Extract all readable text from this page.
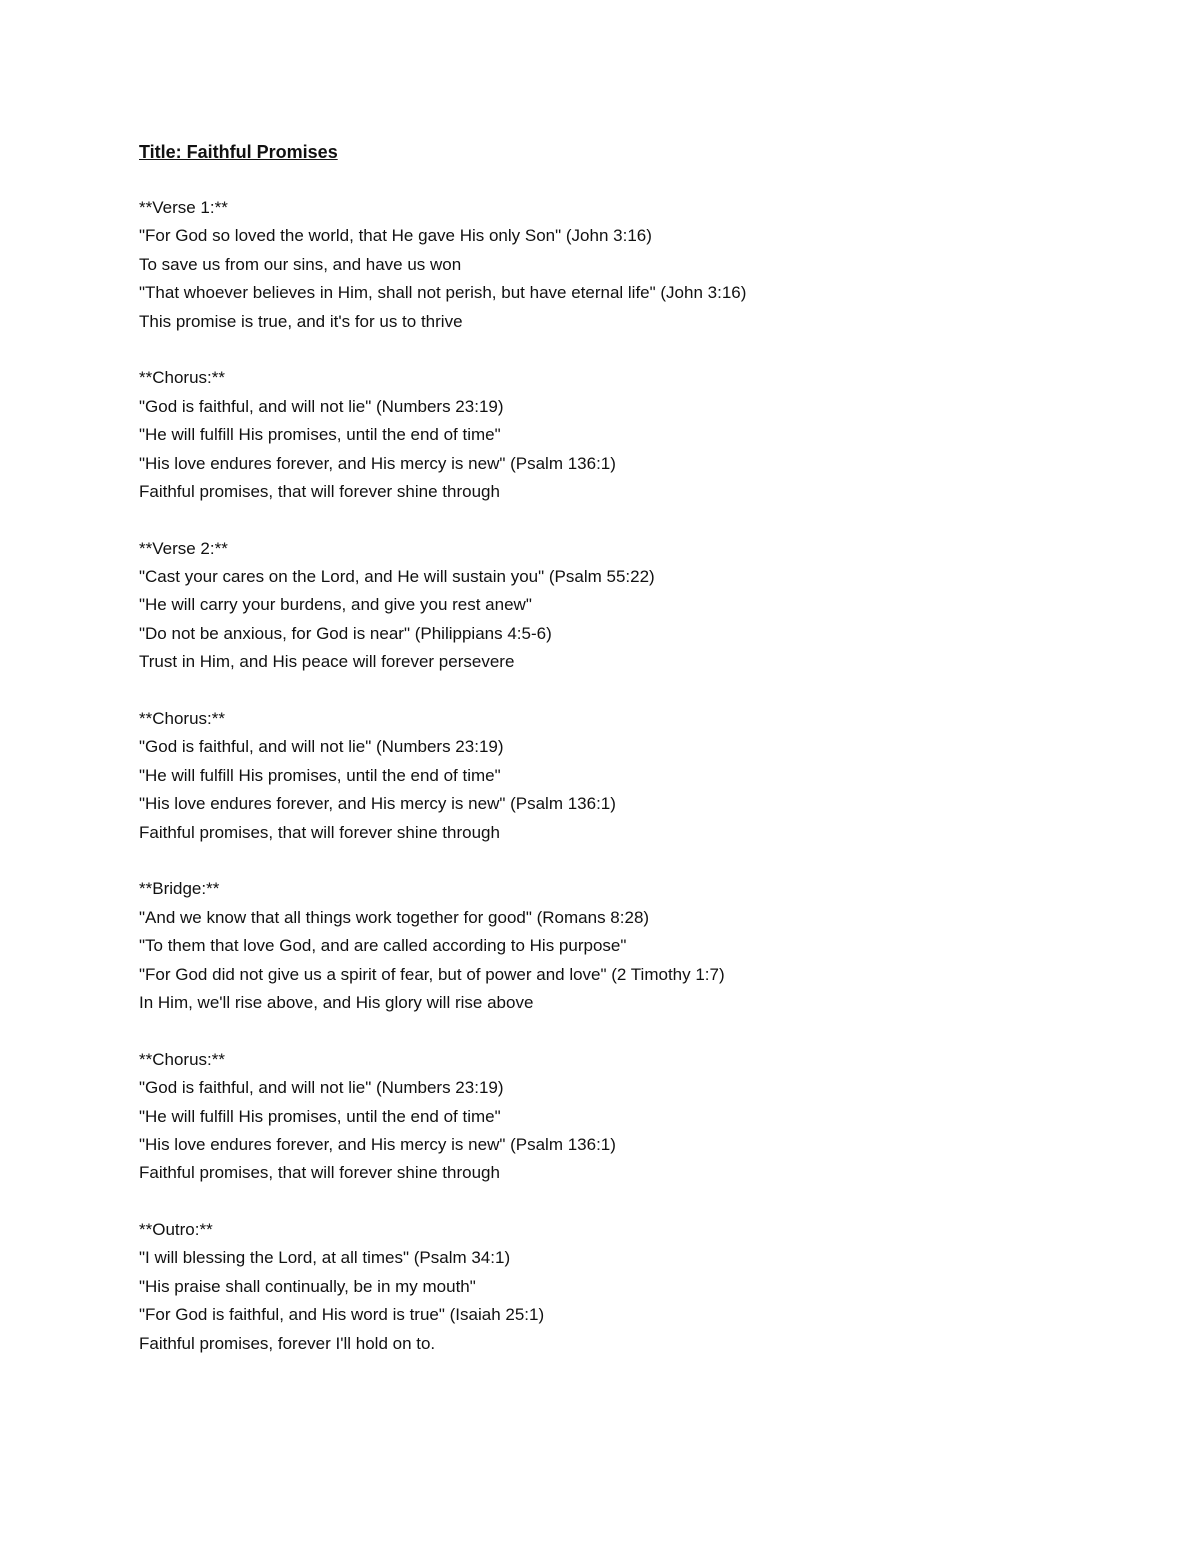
Title: Faithful Promises
**Verse 1:**
"For God so loved the world, that He gave His only Son" (John 3:16)
To save us from our sins, and have us won
"That whoever believes in Him, shall not perish, but have eternal life" (John 3:16)
This promise is true, and it's for us to thrive
**Chorus:**
"God is faithful, and will not lie" (Numbers 23:19)
"He will fulfill His promises, until the end of time"
"His love endures forever, and His mercy is new" (Psalm 136:1)
Faithful promises, that will forever shine through
**Verse 2:**
"Cast your cares on the Lord, and He will sustain you" (Psalm 55:22)
"He will carry your burdens, and give you rest anew"
"Do not be anxious, for God is near" (Philippians 4:5-6)
Trust in Him, and His peace will forever persevere
**Chorus:**
"God is faithful, and will not lie" (Numbers 23:19)
"He will fulfill His promises, until the end of time"
"His love endures forever, and His mercy is new" (Psalm 136:1)
Faithful promises, that will forever shine through
**Bridge:**
"And we know that all things work together for good" (Romans 8:28)
"To them that love God, and are called according to His purpose"
"For God did not give us a spirit of fear, but of power and love" (2 Timothy 1:7)
In Him, we'll rise above, and His glory will rise above
**Chorus:**
"God is faithful, and will not lie" (Numbers 23:19)
"He will fulfill His promises, until the end of time"
"His love endures forever, and His mercy is new" (Psalm 136:1)
Faithful promises, that will forever shine through
**Outro:**
"I will blessing the Lord, at all times" (Psalm 34:1)
"His praise shall continually, be in my mouth"
"For God is faithful, and His word is true" (Isaiah 25:1)
Faithful promises, forever I'll hold on to.
